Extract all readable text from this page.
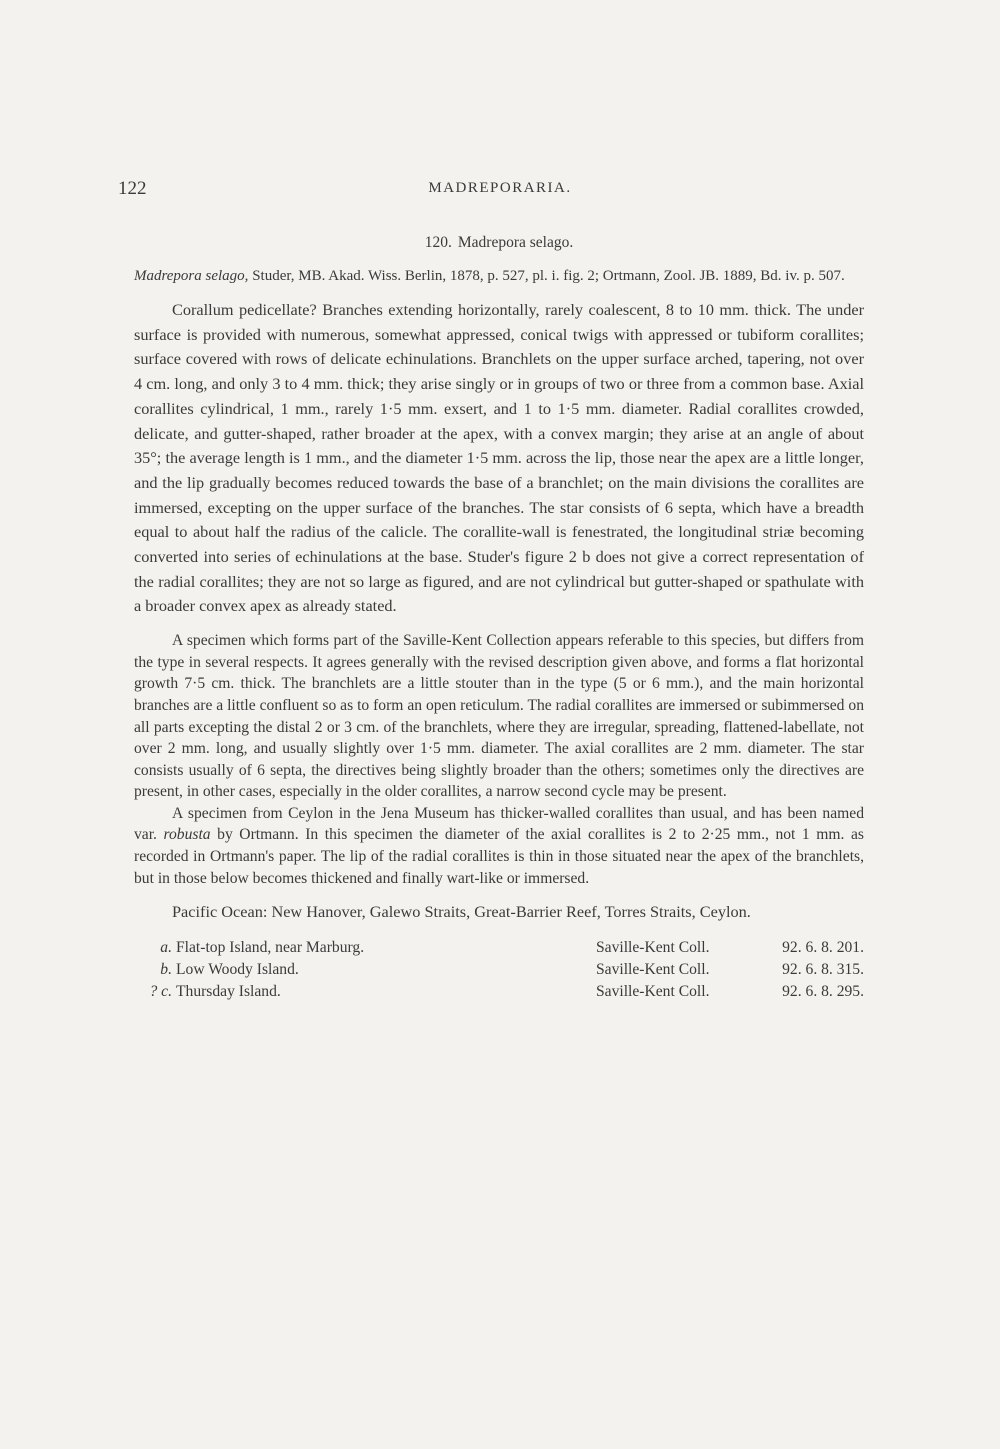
122	MADREPORARIA.
120. Madrepora selago.

Madrepora selago, Studer, MB. Akad. Wiss. Berlin, 1878, p. 527, pl. i. fig. 2; Ortmann, Zool. JB. 1889, Bd. iv. p. 507.

Corallum pedicellate? Branches extending horizontally, rarely coalescent, 8 to 10 mm. thick. The under surface is provided with numerous, somewhat appressed, conical twigs with appressed or tubiform corallites; surface covered with rows of delicate echinulations. Branchlets on the upper surface arched, tapering, not over 4 cm. long, and only 3 to 4 mm. thick; they arise singly or in groups of two or three from a common base. Axial corallites cylindrical, 1 mm., rarely 1·5 mm. exsert, and 1 to 1·5 mm. diameter. Radial corallites crowded, delicate, and gutter-shaped, rather broader at the apex, with a convex margin; they arise at an angle of about 35°; the average length is 1 mm., and the diameter 1·5 mm. across the lip, those near the apex are a little longer, and the lip gradually becomes reduced towards the base of a branchlet; on the main divisions the corallites are immersed, excepting on the upper surface of the branches. The star consists of 6 septa, which have a breadth equal to about half the radius of the calicle. The corallite-wall is fenestrated, the longitudinal striæ becoming converted into series of echinulations at the base. Studer's figure 2 b does not give a correct representation of the radial corallites; they are not so large as figured, and are not cylindrical but gutter-shaped or spathulate with a broader convex apex as already stated.

A specimen which forms part of the Saville-Kent Collection appears referable to this species, but differs from the type in several respects. It agrees generally with the revised description given above, and forms a flat horizontal growth 7·5 cm. thick. The branchlets are a little stouter than in the type (5 or 6 mm.), and the main horizontal branches are a little confluent so as to form an open reticulum. The radial corallites are immersed or subimmersed on all parts excepting the distal 2 or 3 cm. of the branchlets, where they are irregular, spreading, flattened-labellate, not over 2 mm. long, and usually slightly over 1·5 mm. diameter. The axial corallites are 2 mm. diameter. The star consists usually of 6 septa, the directives being slightly broader than the others; sometimes only the directives are present, in other cases, especially in the older corallites, a narrow second cycle may be present.

A specimen from Ceylon in the Jena Museum has thicker-walled corallites than usual, and has been named var. robusta by Ortmann. In this specimen the diameter of the axial corallites is 2 to 2·25 mm., not 1 mm. as recorded in Ortmann's paper. The lip of the radial corallites is thin in those situated near the apex of the branchlets, but in those below becomes thickened and finally wart-like or immersed.

Pacific Ocean: New Hanover, Galewo Straits, Great-Barrier Reef, Torres Straits, Ceylon.

a.	Flat-top Island, near Marburg.	Saville-Kent Coll.	92. 6. 8. 201.
b.	Low Woody Island.	Saville-Kent Coll.	92. 6. 8. 315.
? c.	Thursday Island.	Saville-Kent Coll.	92. 6. 8. 295.
